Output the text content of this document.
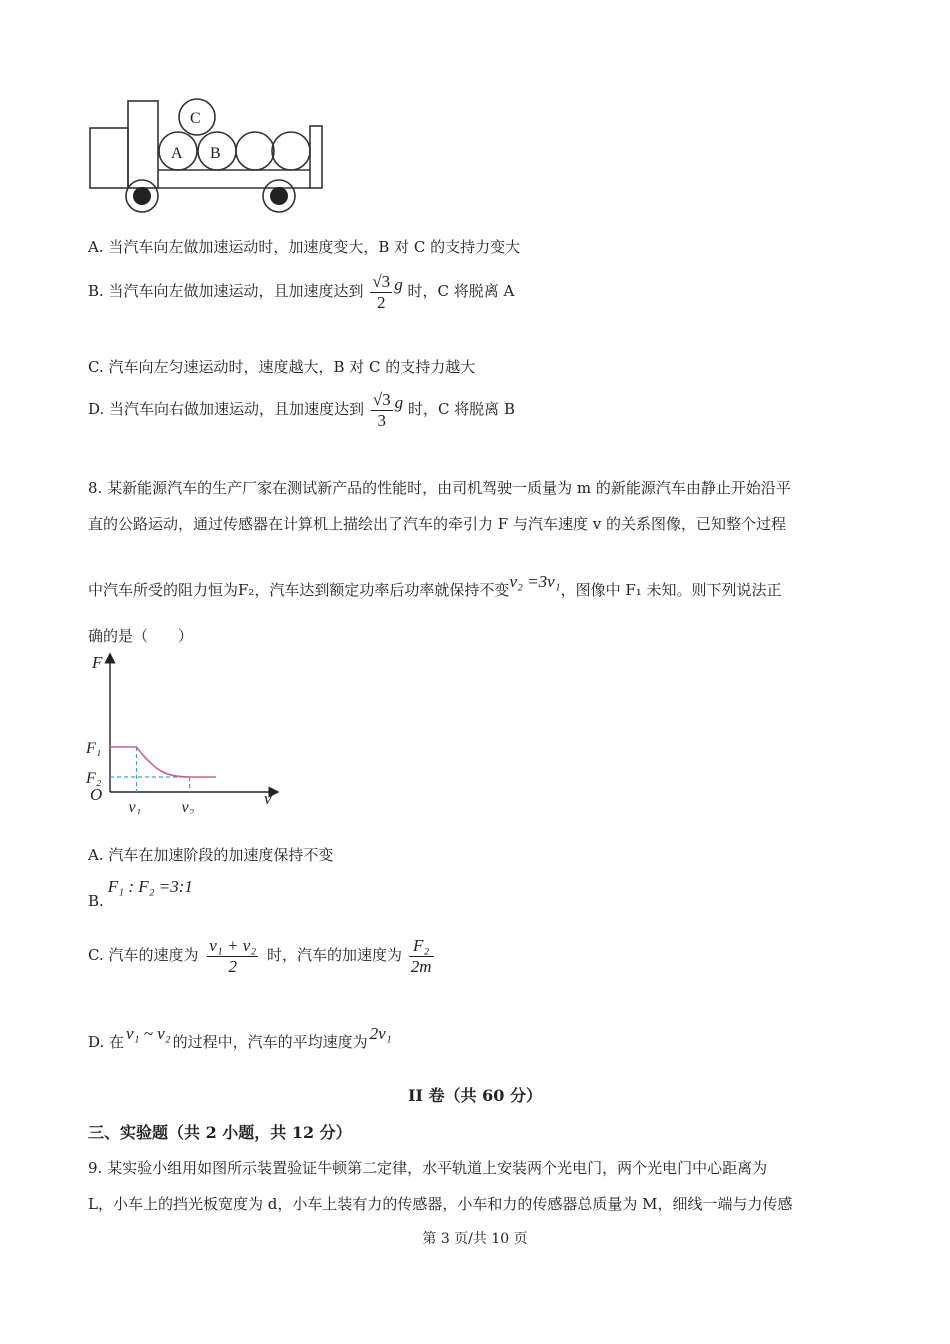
A B
C
A. 当汽车向左做加速运动时，加速度变大，B 对 C 的支持力变大
B. 当汽车向左做加速运动，且加速度达到 $\frac{√3}{2}$ g 时，C 将脱离 A
C. 汽车向左匀速运动时，速度越大，B 对 C 的支持力越大
D. 当汽车向右做加速运动，且加速度达到 $\frac{√3}{3}$ g 时，C 将脱离 B
8. 某新能源汽车的生产厂家在测试新产品的性能时，由司机驾驶一质量为 m 的新能源汽车由静止开始沿平
直的公路运动，通过传感器在计算机上描绘出了汽车的牵引力 F 与汽车速度 v 的关系图像，已知整个过程
中汽车所受的阻力恒为F₂，汽车达到额定功率后功率就保持不变v₂ =3v₁，图像中 F₁ 未知。则下列说法正
确的是（　　）
F
v
O
v₁	v₂
F₁
F₂
A. 汽车在加速阶段的加速度保持不变
B.F₁ : F₂ =3:1
C. 汽车的速度为 $\frac{\text{v₁ + v₂}}{2}$ 时，汽车的加速度为 $\frac{\text{F₂}}{2m}$
D. 在 v₁ ~ v₂ 的过程中，汽车的平均速度为 2v₁
II 卷（共 60 分）
三、实验题（共 2 小题，共 12 分）
9. 某实验小组用如图所示装置验证牛顿第二定律，水平轨道上安装两个光电门，两个光电门中心距离为
L，小车上的挡光板宽度为 d，小车上装有力的传感器，小车和力的传感器总质量为 M，细线一端与力传感
第 3 页/共 10 页
